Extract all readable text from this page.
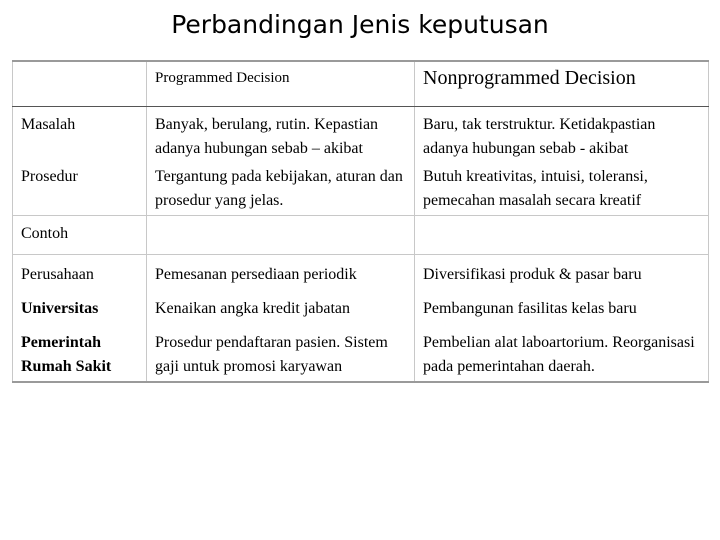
Perbandingan Jenis keputusan
	Programmed Decision	Nonprogrammed Decision
Masalah	Banyak, berulang, rutin. Kepastian adanya hubungan sebab – akibat	Baru, tak terstruktur. Ketidakpastian adanya hubungan sebab - akibat
Prosedur	Tergantung pada kebijakan, aturan dan prosedur yang jelas.	Butuh kreativitas, intuisi, toleransi, pemecahan masalah secara kreatif
Contoh		
Perusahaan	Pemesanan persediaan periodik	Diversifikasi produk & pasar baru
Universitas	Kenaikan angka kredit jabatan	Pembangunan fasilitas kelas baru
Pemerintah Rumah Sakit	Prosedur pendaftaran pasien. Sistem gaji untuk promosi karyawan	Pembelian alat laboartorium. Reorganisasi pada pemerintahan daerah.
